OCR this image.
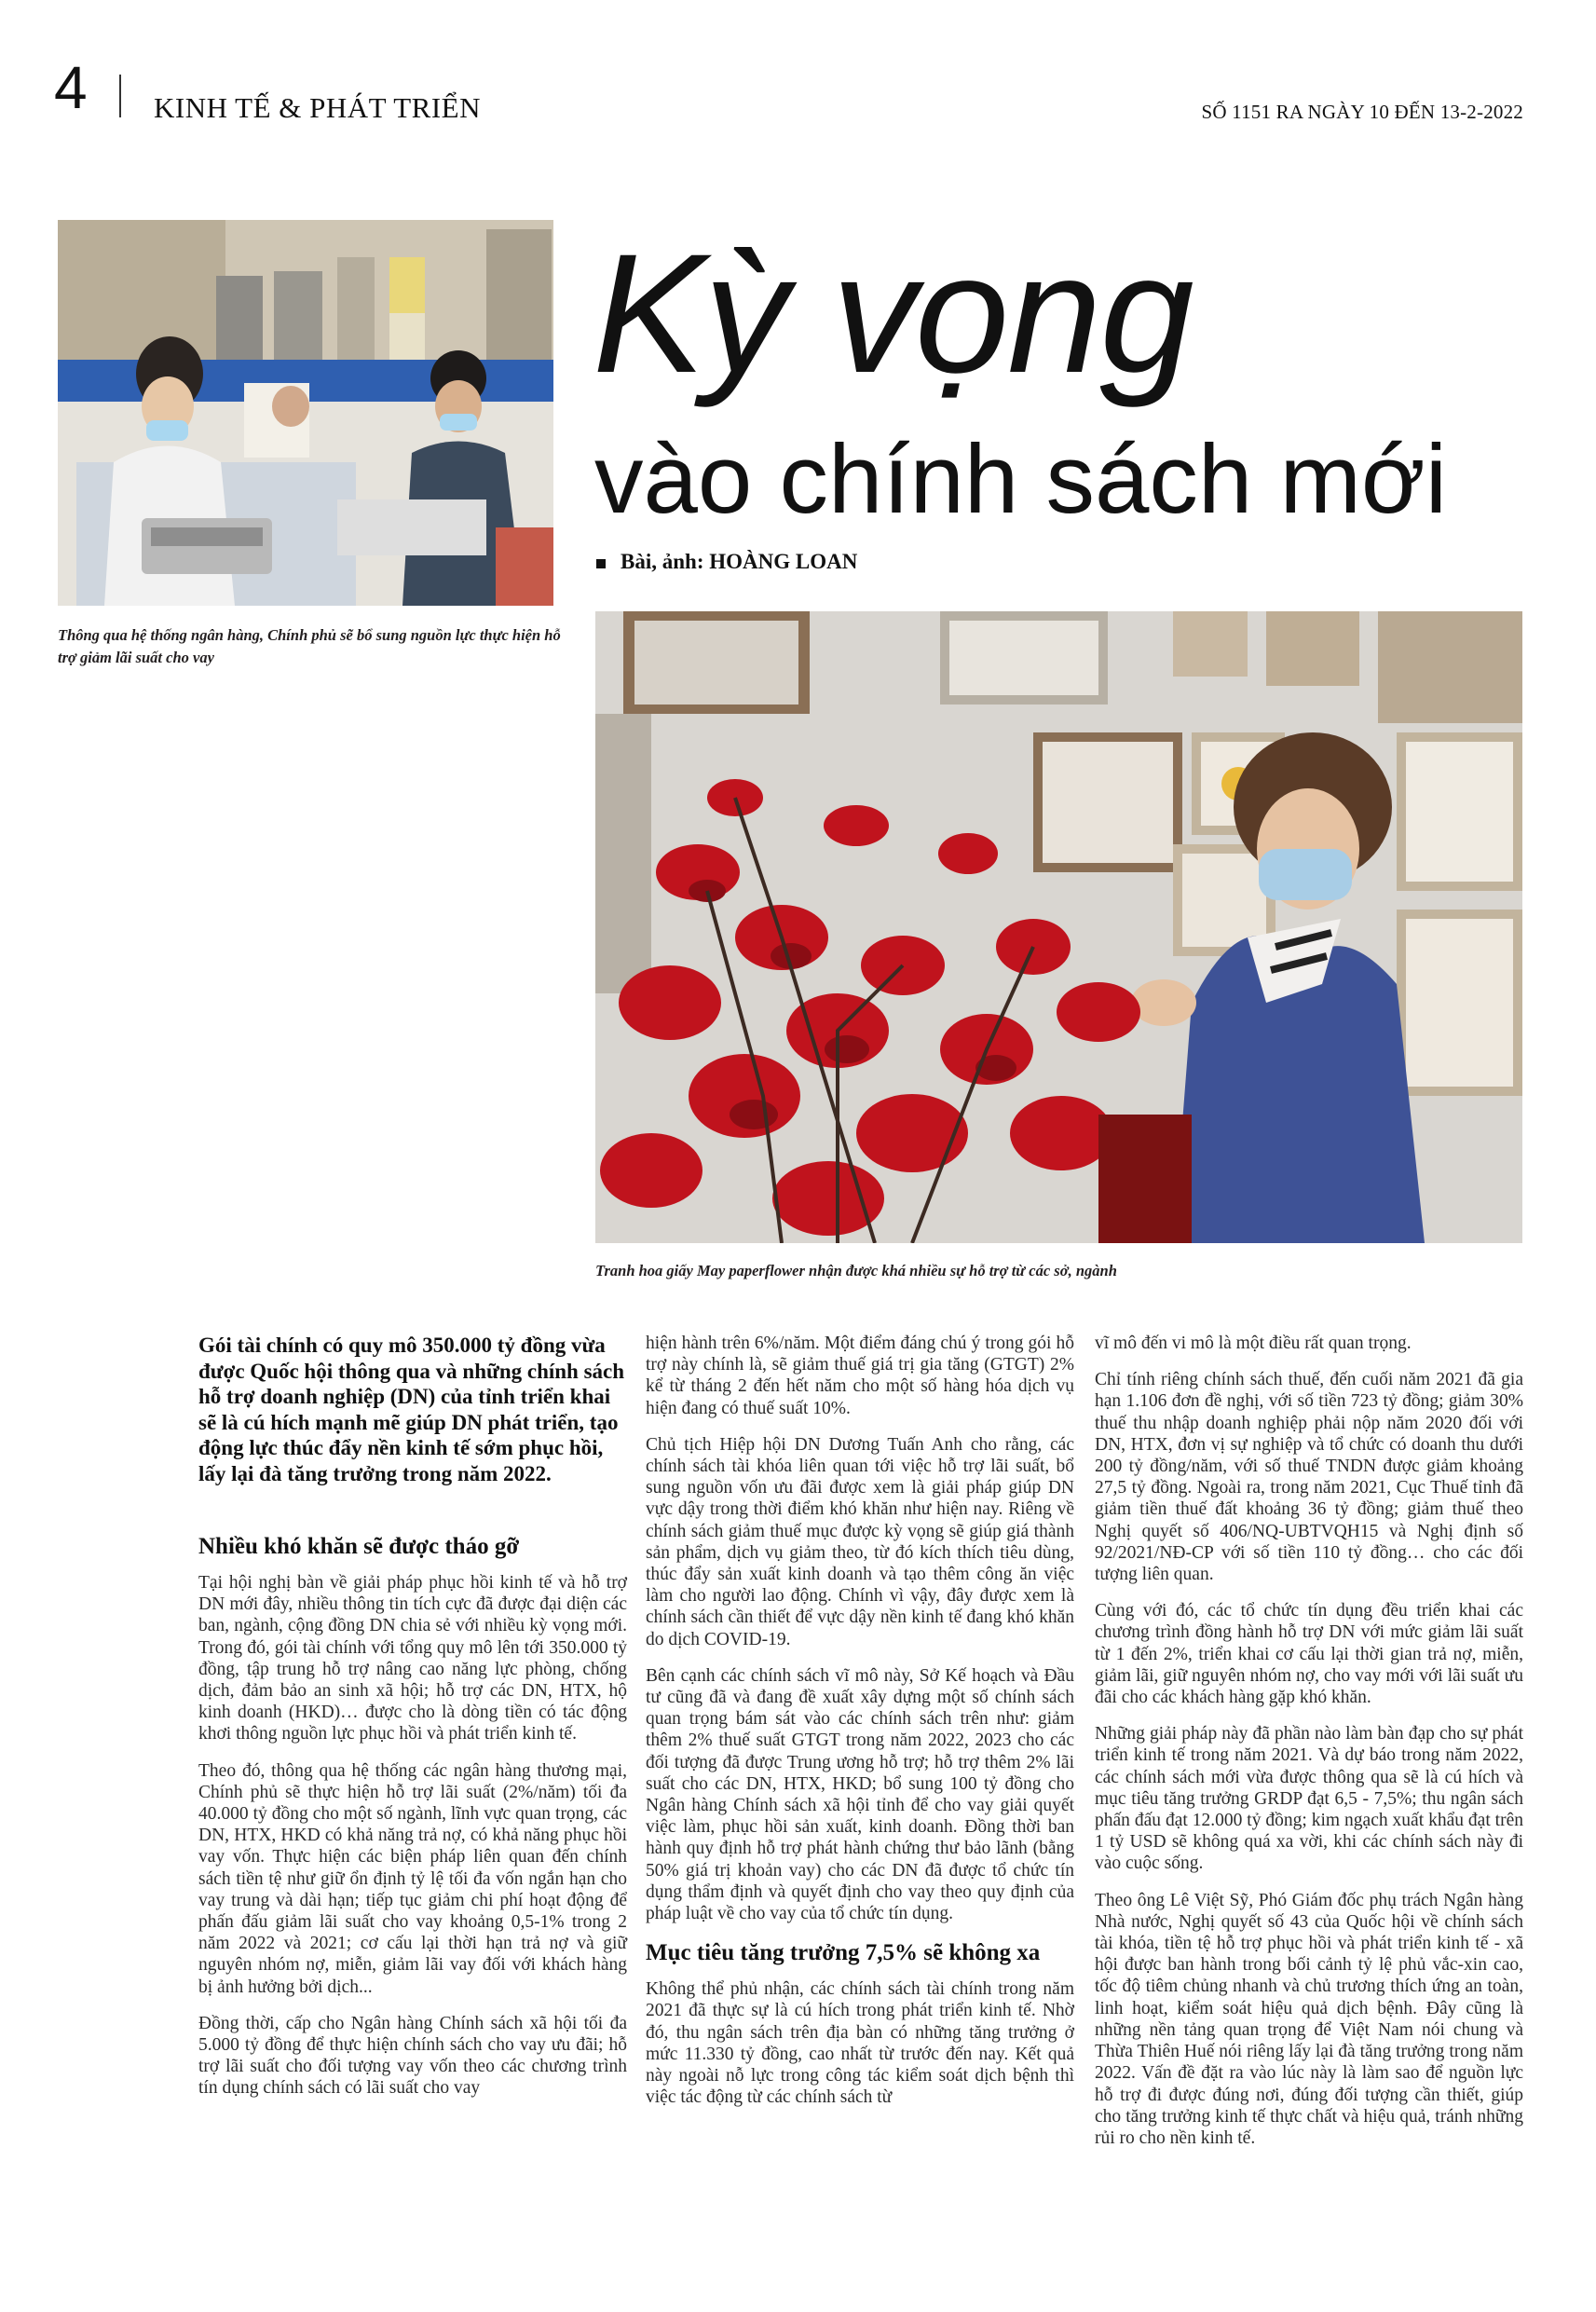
4 KINH TẾ & PHÁT TRIỂN	SỐ 1151 RA NGÀY 10 ĐẾN 13-2-2022
Thông qua hệ thống ngân hàng, Chính phủ sẽ bổ sung nguồn lực thực hiện hỗ trợ giảm lãi suất cho vay
Kỳ vọng
vào chính sách mới
Bài, ảnh: HOÀNG LOAN
Tranh hoa giấy May paperflower nhận được khá nhiều sự hỗ trợ từ các sở, ngành

Gói tài chính có quy mô 350.000 tỷ đồng vừa được Quốc hội thông qua và những chính sách hỗ trợ doanh nghiệp (DN) của tỉnh triển khai sẽ là cú hích mạnh mẽ giúp DN phát triển, tạo động lực thúc đẩy nền kinh tế sớm phục hồi, lấy lại đà tăng trưởng trong năm 2022.

Nhiều khó khăn sẽ được tháo gỡ

Tại hội nghị bàn về giải pháp phục hồi kinh tế và hỗ trợ DN mới đây, nhiều thông tin tích cực đã được đại diện các ban, ngành, cộng đồng DN chia sẻ với nhiều kỳ vọng mới. Trong đó, gói tài chính với tổng quy mô lên tới 350.000 tỷ đồng, tập trung hỗ trợ nâng cao năng lực phòng, chống dịch, đảm bảo an sinh xã hội; hỗ trợ các DN, HTX, hộ kinh doanh (HKD)… được cho là dòng tiền có tác động khơi thông nguồn lực phục hồi và phát triển kinh tế.

Theo đó, thông qua hệ thống các ngân hàng thương mại, Chính phủ sẽ thực hiện hỗ trợ lãi suất (2%/năm) tối đa 40.000 tỷ đồng cho một số ngành, lĩnh vực quan trọng, các DN, HTX, HKD có khả năng trả nợ, có khả năng phục hồi vay vốn. Thực hiện các biện pháp liên quan đến chính sách tiền tệ như giữ ổn định tỷ lệ tối đa vốn ngắn hạn cho vay trung và dài hạn; tiếp tục giảm chi phí hoạt động để phấn đấu giảm lãi suất cho vay khoảng 0,5-1% trong 2 năm 2022 và 2021; cơ cấu lại thời hạn trả nợ và giữ nguyên nhóm nợ, miễn, giảm lãi vay đối với khách hàng bị ảnh hưởng bởi dịch...

Đồng thời, cấp cho Ngân hàng Chính sách xã hội tối đa 5.000 tỷ đồng để thực hiện chính sách cho vay ưu đãi; hỗ trợ lãi suất cho đối tượng vay vốn theo các chương trình tín dụng chính sách có lãi suất cho vay

hiện hành trên 6%/năm. Một điểm đáng chú ý trong gói hỗ trợ này chính là, sẽ giảm thuế giá trị gia tăng (GTGT) 2% kể từ tháng 2 đến hết năm cho một số hàng hóa dịch vụ hiện đang có thuế suất 10%.

Chủ tịch Hiệp hội DN Dương Tuấn Anh cho rằng, các chính sách tài khóa liên quan tới việc hỗ trợ lãi suất, bổ sung nguồn vốn ưu đãi được xem là giải pháp giúp DN vực dậy trong thời điểm khó khăn như hiện nay. Riêng về chính sách giảm thuế mục được kỳ vọng sẽ giúp giá thành sản phẩm, dịch vụ giảm theo, từ đó kích thích tiêu dùng, thúc đẩy sản xuất kinh doanh và tạo thêm công ăn việc làm cho người lao động. Chính vì vậy, đây được xem là chính sách cần thiết để vực dậy nền kinh tế đang khó khăn do dịch COVID-19.

Bên cạnh các chính sách vĩ mô này, Sở Kế hoạch và Đầu tư cũng đã và đang đề xuất xây dựng một số chính sách quan trọng bám sát vào các chính sách trên như: giảm thêm 2% thuế suất GTGT trong năm 2022, 2023 cho các đối tượng đã được Trung ương hỗ trợ; hỗ trợ thêm 2% lãi suất cho các DN, HTX, HKD; bổ sung 100 tỷ đồng cho Ngân hàng Chính sách xã hội tỉnh để cho vay giải quyết việc làm, phục hồi sản xuất, kinh doanh. Đồng thời ban hành quy định hỗ trợ phát hành chứng thư bảo lãnh (bằng 50% giá trị khoản vay) cho các DN đã được tổ chức tín dụng thẩm định và quyết định cho vay theo quy định của pháp luật về cho vay của tổ chức tín dụng.

Mục tiêu tăng trưởng 7,5% sẽ không xa

Không thể phủ nhận, các chính sách tài chính trong năm 2021 đã thực sự là cú hích trong phát triển kinh tế. Nhờ đó, thu ngân sách trên địa bàn có những tăng trưởng ở mức 11.330 tỷ đồng, cao nhất từ trước đến nay. Kết quả này ngoài nỗ lực trong công tác kiểm soát dịch bệnh thì việc tác động từ các chính sách từ

vĩ mô đến vi mô là một điều rất quan trọng.

Chỉ tính riêng chính sách thuế, đến cuối năm 2021 đã gia hạn 1.106 đơn đề nghị, với số tiền 723 tỷ đồng; giảm 30% thuế thu nhập doanh nghiệp phải nộp năm 2020 đối với DN, HTX, đơn vị sự nghiệp và tổ chức có doanh thu dưới 200 tỷ đồng/năm, với số thuế TNDN được giảm khoảng 27,5 tỷ đồng. Ngoài ra, trong năm 2021, Cục Thuế tỉnh đã giảm tiền thuế đất khoảng 36 tỷ đồng; giảm thuế theo Nghị quyết số 406/NQ-UBTVQH15 và Nghị định số 92/2021/NĐ-CP với số tiền 110 tỷ đồng… cho các đối tượng liên quan.

Cùng với đó, các tổ chức tín dụng đều triển khai các chương trình đồng hành hỗ trợ DN với mức giảm lãi suất từ 1 đến 2%, triển khai cơ cấu lại thời gian trả nợ, miễn, giảm lãi, giữ nguyên nhóm nợ, cho vay mới với lãi suất ưu đãi cho các khách hàng gặp khó khăn.

Những giải pháp này đã phần nào làm bàn đạp cho sự phát triển kinh tế trong năm 2021. Và dự báo trong năm 2022, các chính sách mới vừa được thông qua sẽ là cú hích và mục tiêu tăng trưởng GRDP đạt 6,5 - 7,5%; thu ngân sách phấn đấu đạt 12.000 tỷ đồng; kim ngạch xuất khẩu đạt trên 1 tỷ USD sẽ không quá xa vời, khi các chính sách này đi vào cuộc sống.

Theo ông Lê Việt Sỹ, Phó Giám đốc phụ trách Ngân hàng Nhà nước, Nghị quyết số 43 của Quốc hội về chính sách tài khóa, tiền tệ hỗ trợ phục hồi và phát triển kinh tế - xã hội được ban hành trong bối cảnh tỷ lệ phủ vắc-xin cao, tốc độ tiêm chủng nhanh và chủ trương thích ứng an toàn, linh hoạt, kiểm soát hiệu quả dịch bệnh. Đây cũng là những nền tảng quan trọng để Việt Nam nói chung và Thừa Thiên Huế nói riêng lấy lại đà tăng trưởng trong năm 2022. Vấn đề đặt ra vào lúc này là làm sao để nguồn lực hỗ trợ đi được đúng nơi, đúng đối tượng cần thiết, giúp cho tăng trưởng kinh tế thực chất và hiệu quả, tránh những rủi ro cho nền kinh tế.
